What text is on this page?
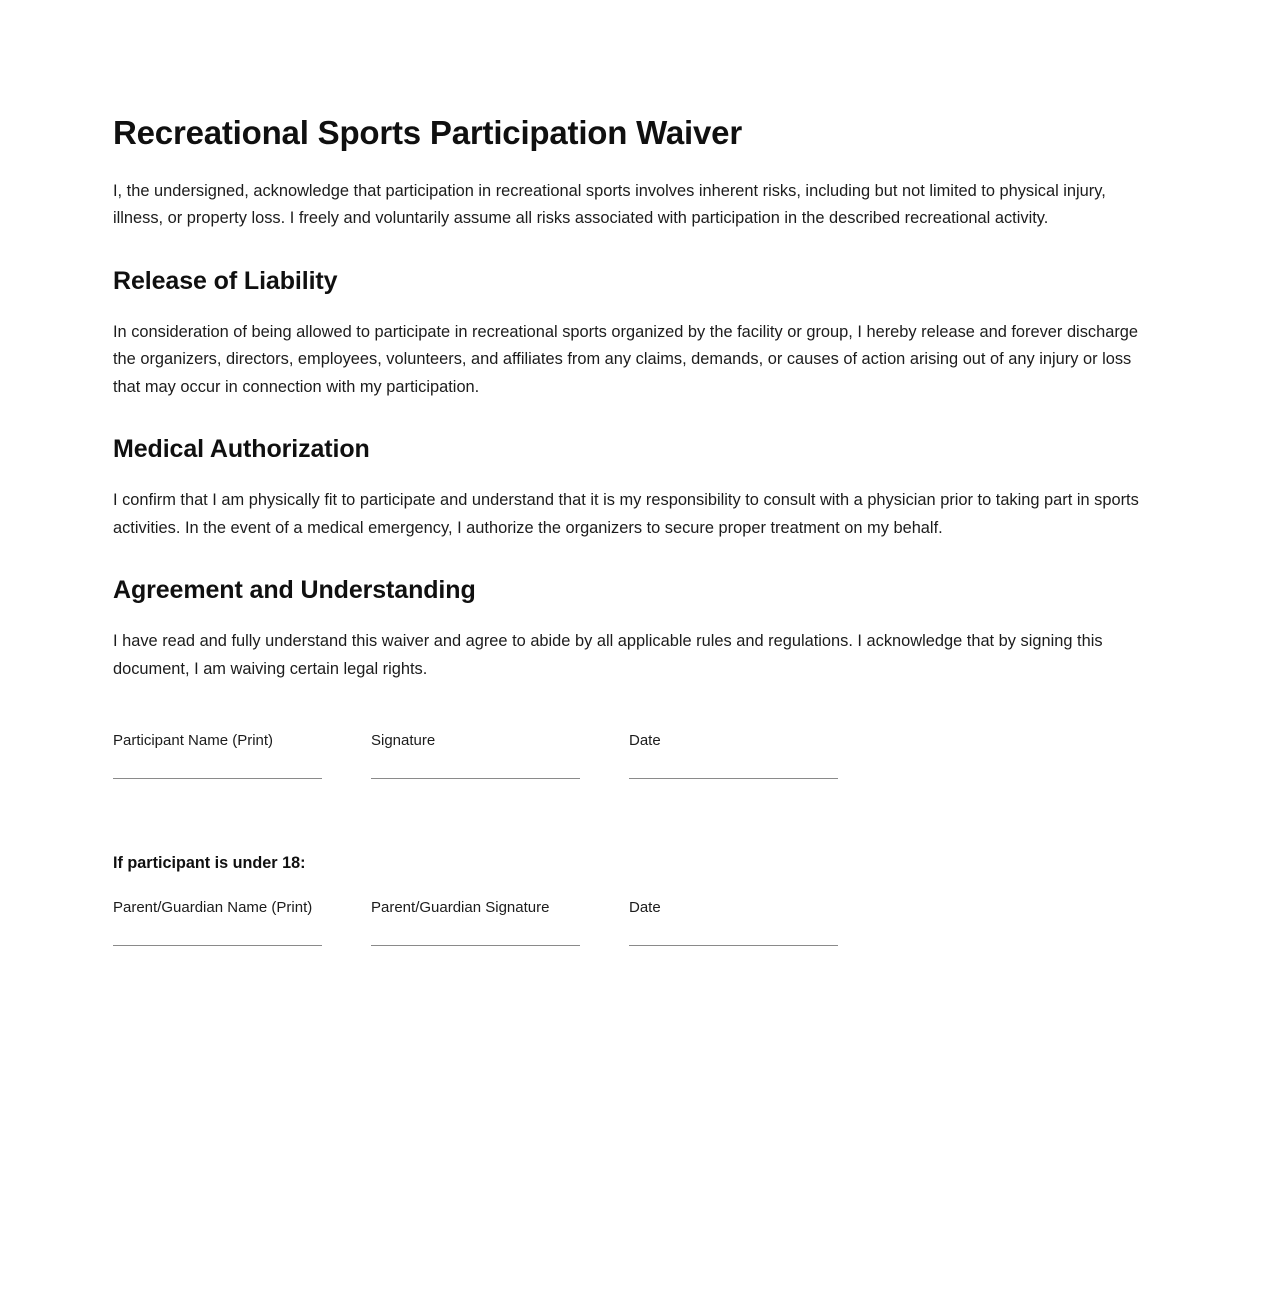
Recreational Sports Participation Waiver

I, the undersigned, acknowledge that participation in recreational sports involves inherent risks, including but not limited to physical injury, illness, or property loss. I freely and voluntarily assume all risks associated with participation in the described recreational activity.

Release of Liability

In consideration of being allowed to participate in recreational sports organized by the facility or group, I hereby release and forever discharge the organizers, directors, employees, volunteers, and affiliates from any claims, demands, or causes of action arising out of any injury or loss that may occur in connection with my participation.

Medical Authorization

I confirm that I am physically fit to participate and understand that it is my responsibility to consult with a physician prior to taking part in sports activities. In the event of a medical emergency, I authorize the organizers to secure proper treatment on my behalf.

Agreement and Understanding

I have read and fully understand this waiver and agree to abide by all applicable rules and regulations. I acknowledge that by signing this document, I am waiving certain legal rights.

Participant Name (Print)	Signature	Date

If participant is under 18:

Parent/Guardian Name (Print)	Parent/Guardian Signature	Date
